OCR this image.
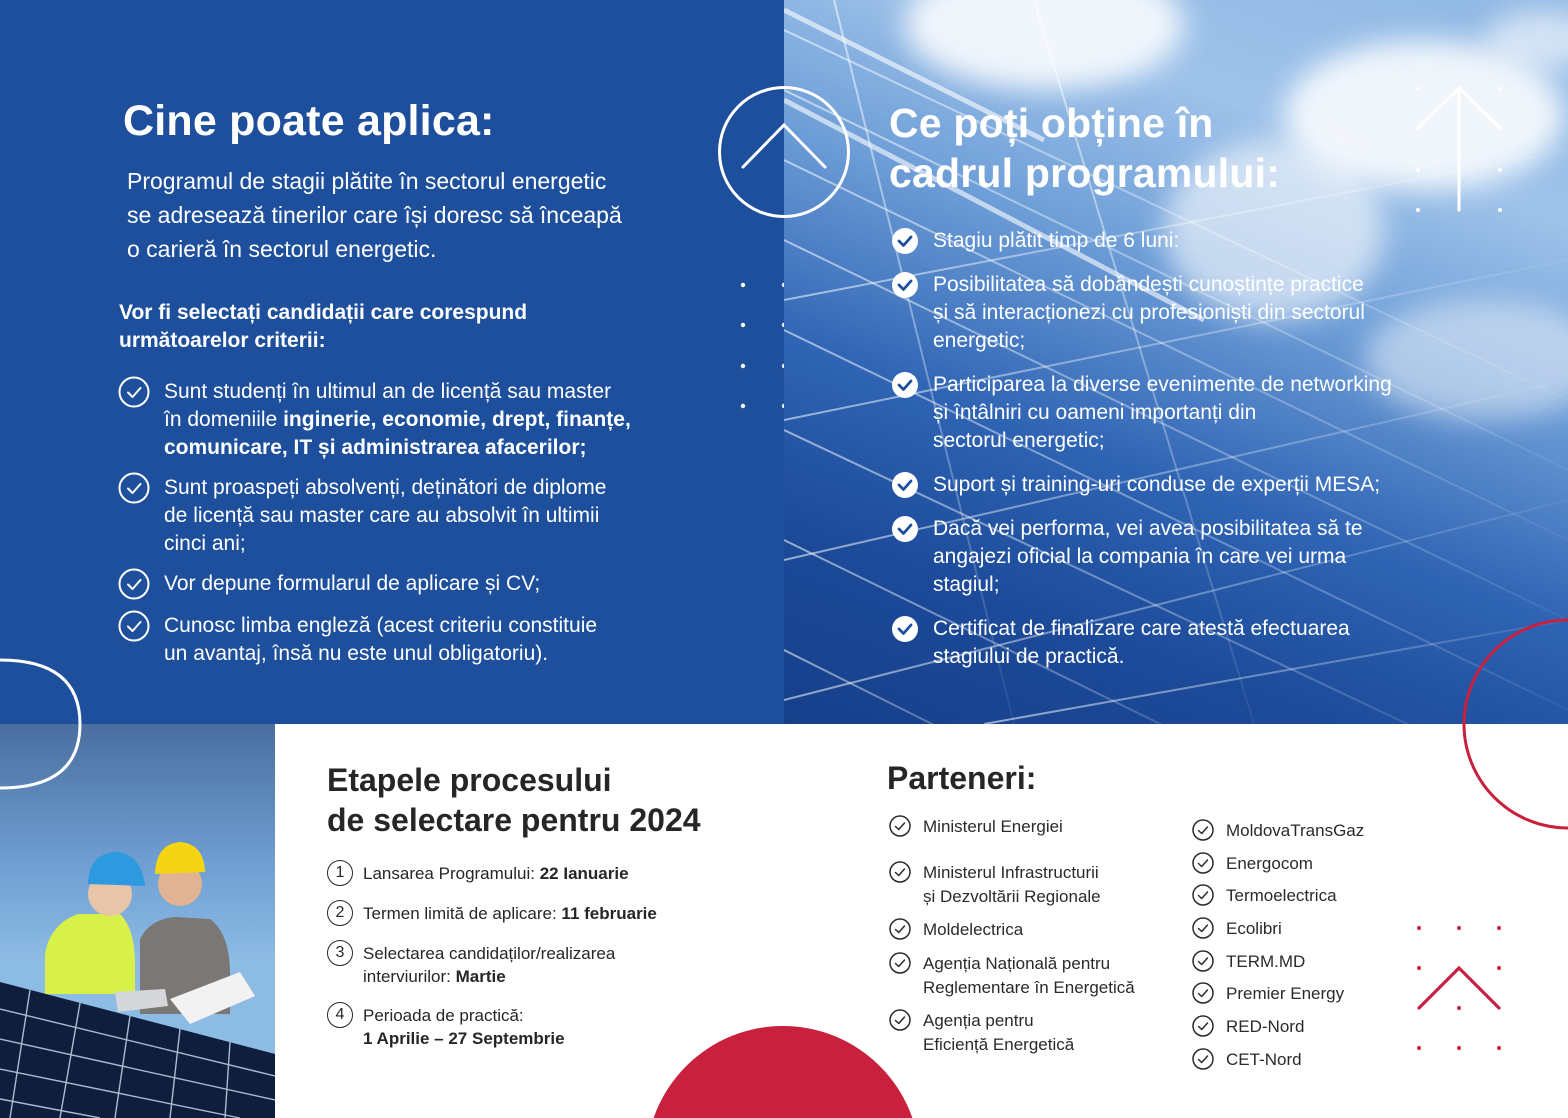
Cine poate aplica:
Programul de stagii plătite în sectorul energetic
se adresează tinerilor care își doresc să înceapă
o carieră în sectorul energetic.
Vor fi selectați candidații care corespund
următoarelor criterii:
Sunt studenți în ultimul an de licență sau master
în domeniile inginerie, economie, drept, finanțe,
comunicare, IT și administrarea afacerilor;
Sunt proaspeți absolvenți, deținători de diplome
de licență sau master care au absolvit în ultimii
cinci ani;
Vor depune formularul de aplicare și CV;
Cunosc limba engleză (acest criteriu constituie
un avantaj, însă nu este unul obligatoriu).
Ce poți obține în
cadrul programului:
Stagiu plătit timp de 6 luni:
Posibilitatea să dobândești cunoștințe practice
și să interacționezi cu profesioniști din sectorul
energetic;
Participarea la diverse evenimente de networking
și întâlniri cu oameni importanți din
sectorul energetic;
Suport și training-uri conduse de experții MESA;
Dacă vei performa, vei avea posibilitatea să te
angajezi oficial la compania în care vei urma
stagiul;
Certificat de finalizare care atestă efectuarea
stagiului de practică.
Etapele procesului
de selectare pentru 2024
1	Lansarea Programului: 22 Ianuarie
2	Termen limită de aplicare: 11 februarie
3	Selectarea candidaților/realizarea
interviurilor: Martie
4	Perioada de practică:
1 Aprilie – 27 Septembrie
Parteneri:
Ministerul Energiei
Ministerul Infrastructurii
și Dezvoltării Regionale
Moldelectrica
Agenția Națională pentru
Reglementare în Energetică
Agenția pentru
Eficiență Energetică
MoldovaTransGaz
Energocom
Termoelectrica
Ecolibri
TERM.MD
Premier Energy
RED-Nord
CET-Nord
